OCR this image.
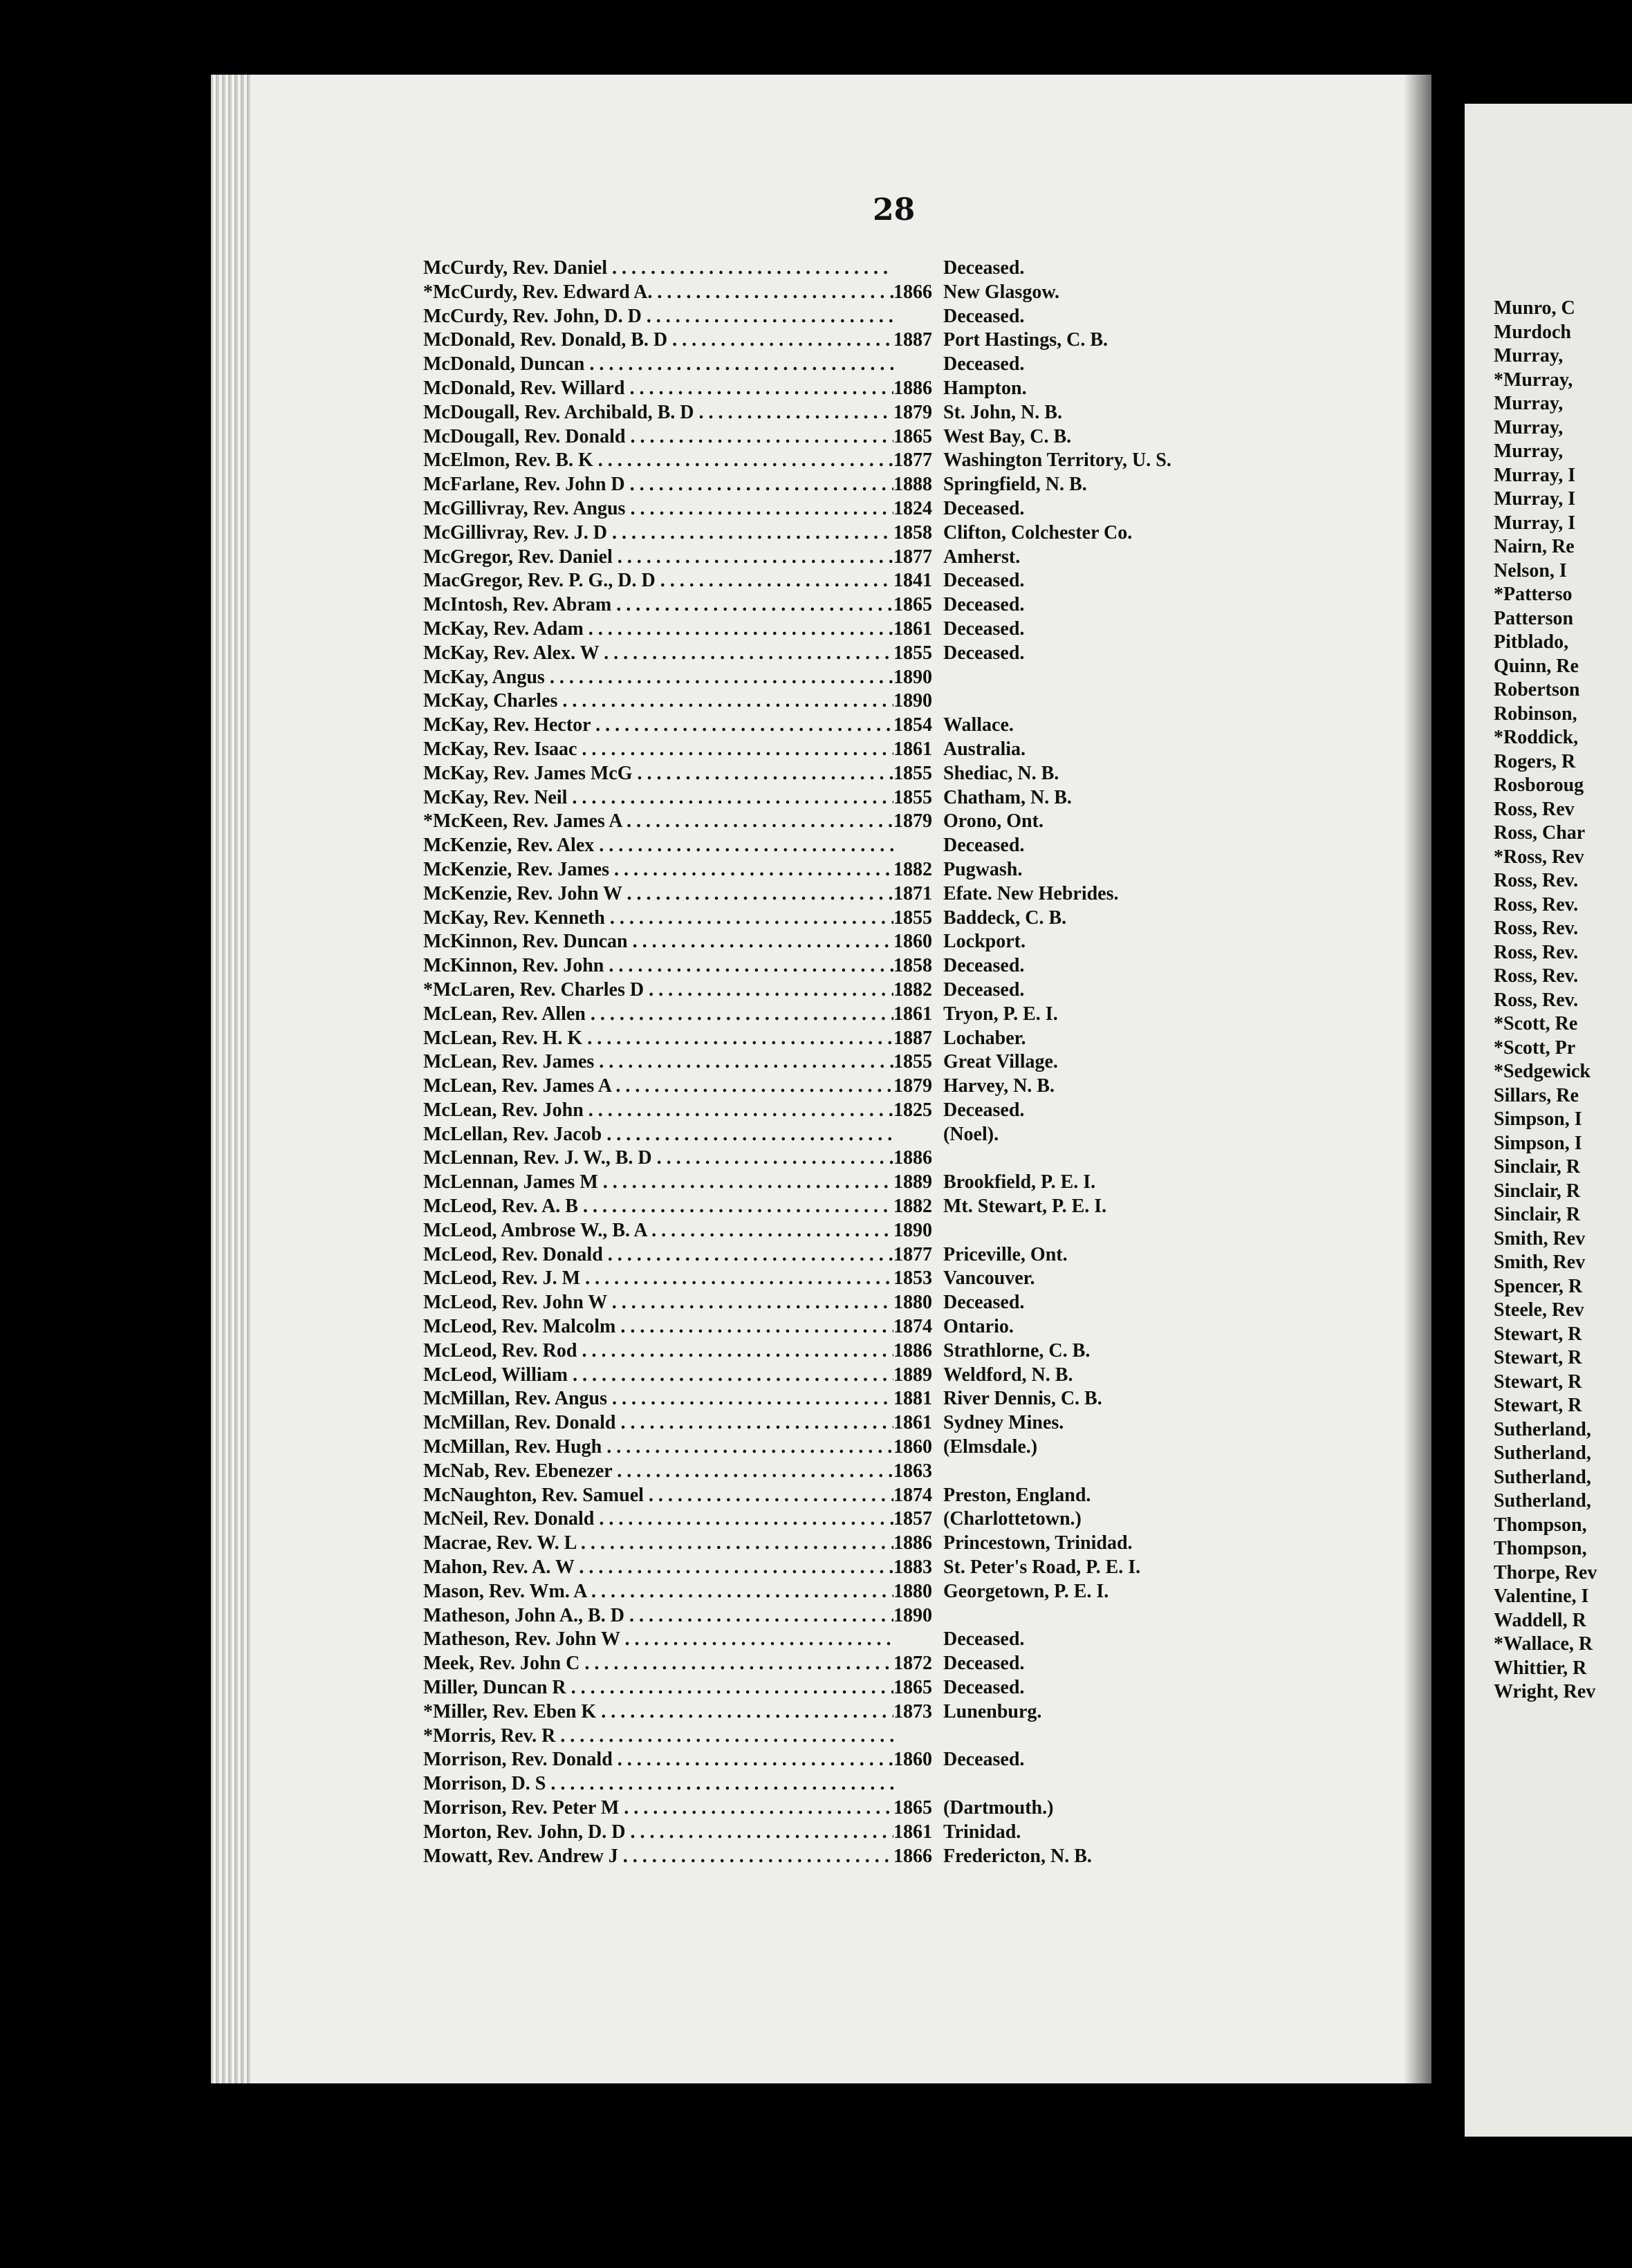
28
McCurdy, Rev. Daniel . . .	Deceased.
*McCurdy, Rev. Edward A. . . .	1866 New Glasgow.
McCurdy, Rev. John, D. D . . .	Deceased.
McDonald, Rev. Donald, B. D . . .	1887 Port Hastings, C. B.
McDonald, Duncan . . .	Deceased.
McDonald, Rev. Willard . . .	1886 Hampton.
McDougall, Rev. Archibald, B. D . . .	1879 St. John, N. B.
McDougall, Rev. Donald . . .	1865 West Bay, C. B.
McElmon, Rev. B. K . . .	1877 Washington Territory, U. S.
McFarlane, Rev. John D . . .	1888 Springfield, N. B.
McGillivray, Rev. Angus . . .	1824 Deceased.
McGillivray, Rev. J. D . . .	1858 Clifton, Colchester Co.
McGregor, Rev. Daniel . . .	1877 Amherst.
MacGregor, Rev. P. G., D. D . . .	1841 Deceased.
McIntosh, Rev. Abram . . .	1865 Deceased.
McKay, Rev. Adam . . .	1861 Deceased.
McKay, Rev. Alex. W . . .	1855 Deceased.
McKay, Angus . . .	1890
McKay, Charles . . .	1890
McKay, Rev. Hector . . .	1854 Wallace.
McKay, Rev. Isaac . . .	1861 Australia.
McKay, Rev. James McG . . .	1855 Shediac, N. B.
McKay, Rev. Neil . . .	1855 Chatham, N. B.
*McKeen, Rev. James A . . .	1879 Orono, Ont.
McKenzie, Rev. Alex . . .	Deceased.
McKenzie, Rev. James . . .	1882 Pugwash.
McKenzie, Rev. John W . . .	1871 Efate. New Hebrides.
McKay, Rev. Kenneth . . .	1855 Baddeck, C. B.
McKinnon, Rev. Duncan . . .	1860 Lockport.
McKinnon, Rev. John . . .	1858 Deceased.
*McLaren, Rev. Charles D . . .	1882 Deceased.
McLean, Rev. Allen . . .	1861 Tryon, P. E. I.
McLean, Rev. H. K . . .	1887 Lochaber.
McLean, Rev. James . . .	1855 Great Village.
McLean, Rev. James A . . .	1879 Harvey, N. B.
McLean, Rev. John . . .	1825 Deceased.
McLellan, Rev. Jacob . . .	(Noel).
McLennan, Rev. J. W., B. D . . .	1886
McLennan, James M . . .	1889 Brookfield, P. E. I.
McLeod, Rev. A. B . . .	1882 Mt. Stewart, P. E. I.
McLeod, Ambrose W., B. A . . .	1890
McLeod, Rev. Donald . . .	1877 Priceville, Ont.
McLeod, Rev. J. M . . .	1853 Vancouver.
McLeod, Rev. John W . . .	1880 Deceased.
McLeod, Rev. Malcolm . . .	1874 Ontario.
McLeod, Rev. Rod . . .	1886 Strathlorne, C. B.
McLeod, William . . .	1889 Weldford, N. B.
McMillan, Rev. Angus . . .	1881 River Dennis, C. B.
McMillan, Rev. Donald . . .	1861 Sydney Mines.
McMillan, Rev. Hugh . . .	1860 (Elmsdale.)
McNab, Rev. Ebenezer . . .	1863
McNaughton, Rev. Samuel . . .	1874 Preston, England.
McNeil, Rev. Donald . . .	1857 (Charlottetown.)
Macrae, Rev. W. L . . .	1886 Princestown, Trinidad.
Mahon, Rev. A. W . . .	1883 St. Peter's Road, P. E. I.
Mason, Rev. Wm. A . . .	1880 Georgetown, P. E. I.
Matheson, John A., B. D . . .	1890
Matheson, Rev. John W . . .	Deceased.
Meek, Rev. John C . . .	1872 Deceased.
Miller, Duncan R . . .	1865 Deceased.
*Miller, Rev. Eben K . . .	1873 Lunenburg.
*Morris, Rev. R . . .
Morrison, Rev. Donald . . .	1860 Deceased.
Morrison, D. S . . .
Morrison, Rev. Peter M . . .	1865 (Dartmouth.)
Morton, Rev. John, D. D . . .	1861 Trinidad.
Mowatt, Rev. Andrew J . . .	1866 Fredericton, N. B.
Munro, C
Murdoch
Murray,
*Murray,
Murray,
Murray,
Murray,
Murray, I
Murray, I
Murray, I
Nairn, Re
Nelson, I
*Patterso
Patterson
Pitblado,
Quinn, Re
Robertson
Robinson,
*Roddick,
Rogers, R
Rosboroug
Ross, Rev
Ross, Char
*Ross, Rev
Ross, Rev.
Ross, Rev.
Ross, Rev.
Ross, Rev.
Ross, Rev.
Ross, Rev.
*Scott, Re
*Scott, Pr
*Sedgewick
Sillars, Re
Simpson, I
Simpson, I
Sinclair, R
Sinclair, R
Sinclair, R
Smith, Rev
Smith, Rev
Spencer, R
Steele, Rev
Stewart, R
Stewart, R
Stewart, R
Stewart, R
Sutherland,
Sutherland,
Sutherland,
Sutherland,
Thompson,
Thompson,
Thorpe, Rev
Valentine, I
Waddell, R
*Wallace, R
Whittier, R
Wright, Rev
